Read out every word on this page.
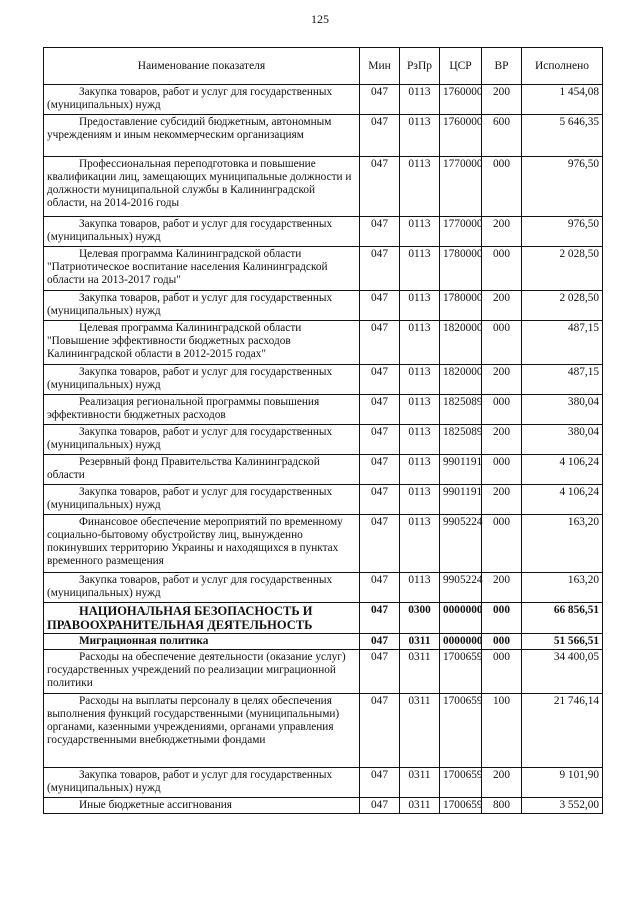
125
Наименование показателя	Мин	РзПр	ЦСР	ВР	Исполнено
Закупка товаров, работ и услуг для государственных (муниципальных) нужд	047	0113	1760000	200	1 454,08
Предоставление субсидий бюджетным, автономным учреждениям и иным некоммерческим организациям	047	0113	1760000	600	5 646,35
Профессиональная переподготовка и повышение квалификации лиц, замещающих муниципальные должности и должности муниципальной службы в Калининградской области, на 2014-2016 годы	047	0113	1770000	000	976,50
Закупка товаров, работ и услуг для государственных (муниципальных) нужд	047	0113	1770000	200	976,50
Целевая программа Калининградской области "Патриотическое воспитание населения Калининградской области на 2013-2017 годы"	047	0113	1780000	000	2 028,50
Закупка товаров, работ и услуг для государственных (муниципальных) нужд	047	0113	1780000	200	2 028,50
Целевая программа Калининградской области "Повышение эффективности бюджетных расходов Калининградской области в 2012-2015 годах"	047	0113	1820000	000	487,15
Закупка товаров, работ и услуг для государственных (муниципальных) нужд	047	0113	1820000	200	487,15
Реализация региональной программы повышения эффективности бюджетных расходов	047	0113	1825089	000	380,04
Закупка товаров, работ и услуг для государственных (муниципальных) нужд	047	0113	1825089	200	380,04
Резервный фонд Правительства Калининградской области	047	0113	9901191	000	4 106,24
Закупка товаров, работ и услуг для государственных (муниципальных) нужд	047	0113	9901191	200	4 106,24
Финансовое обеспечение мероприятий по временному социально-бытовому обустройству лиц, вынужденно покинувших территорию Украины и находящихся в пунктах временного размещения	047	0113	9905224	000	163,20
Закупка товаров, работ и услуг для государственных (муниципальных) нужд	047	0113	9905224	200	163,20
НАЦИОНАЛЬНАЯ БЕЗОПАСНОСТЬ И ПРАВООХРАНИТЕЛЬНАЯ ДЕЯТЕЛЬНОСТЬ	047	0300	0000000	000	66 856,51
Миграционная политика	047	0311	0000000	000	51 566,51
Расходы на обеспечение деятельности (оказание услуг) государственных учреждений по реализации миграционной политики	047	0311	1700659	000	34 400,05
Расходы на выплаты персоналу в целях обеспечения выполнения функций государственными (муниципальными) органами, казенными учреждениями, органами управления государственными внебюджетными фондами	047	0311	1700659	100	21 746,14
Закупка товаров, работ и услуг для государственных (муниципальных) нужд	047	0311	1700659	200	9 101,90
Иные бюджетные ассигнования	047	0311	1700659	800	3 552,00
